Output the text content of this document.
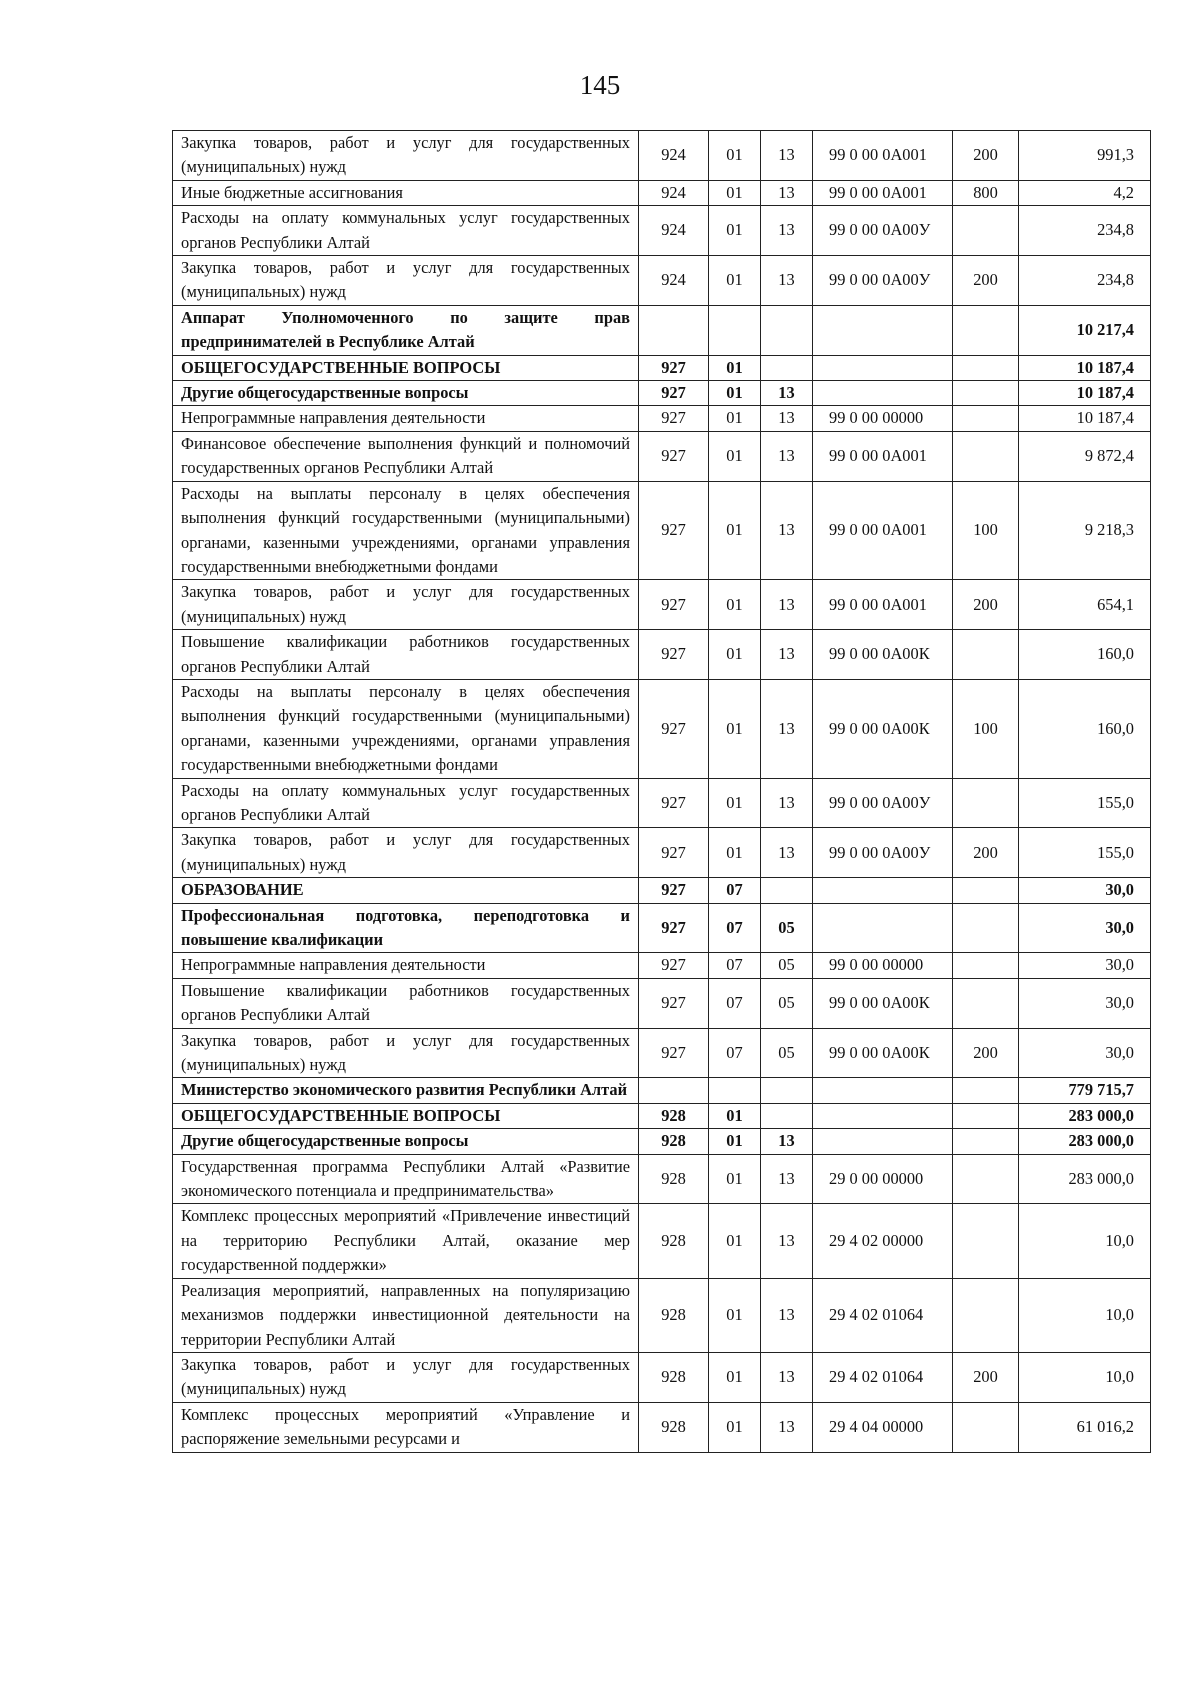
145
Закупка товаров, работ и услуг для государственных (муниципальных) нужд	924	01	13	99 0 00 0А001	200	991,3
Иные бюджетные ассигнования	924	01	13	99 0 00 0А001	800	4,2
Расходы на оплату коммунальных услуг государственных органов Республики Алтай	924	01	13	99 0 00 0А00У		234,8
Закупка товаров, работ и услуг для государственных (муниципальных) нужд	924	01	13	99 0 00 0А00У	200	234,8
Аппарат Уполномоченного по защите прав предпринимателей в Республике Алтай						10 217,4
ОБЩЕГОСУДАРСТВЕННЫЕ ВОПРОСЫ	927	01				10 187,4
Другие общегосударственные вопросы	927	01	13			10 187,4
Непрограммные направления деятельности	927	01	13	99 0 00 00000		10 187,4
Финансовое обеспечение выполнения функций и полномочий государственных органов Республики Алтай	927	01	13	99 0 00 0А001		9 872,4
Расходы на выплаты персоналу в целях обеспечения выполнения функций государственными (муниципальными) органами, казенными учреждениями, органами управления государственными внебюджетными фондами	927	01	13	99 0 00 0А001	100	9 218,3
Закупка товаров, работ и услуг для государственных (муниципальных) нужд	927	01	13	99 0 00 0А001	200	654,1
Повышение квалификации работников государственных органов Республики Алтай	927	01	13	99 0 00 0А00К		160,0
Расходы на выплаты персоналу в целях обеспечения выполнения функций государственными (муниципальными) органами, казенными учреждениями, органами управления государственными внебюджетными фондами	927	01	13	99 0 00 0А00К	100	160,0
Расходы на оплату коммунальных услуг государственных органов Республики Алтай	927	01	13	99 0 00 0А00У		155,0
Закупка товаров, работ и услуг для государственных (муниципальных) нужд	927	01	13	99 0 00 0А00У	200	155,0
ОБРАЗОВАНИЕ	927	07				30,0
Профессиональная подготовка, переподготовка и повышение квалификации	927	07	05			30,0
Непрограммные направления деятельности	927	07	05	99 0 00 00000		30,0
Повышение квалификации работников государственных органов Республики Алтай	927	07	05	99 0 00 0А00К		30,0
Закупка товаров, работ и услуг для государственных (муниципальных) нужд	927	07	05	99 0 00 0А00К	200	30,0
Министерство экономического развития Республики Алтай						779 715,7
ОБЩЕГОСУДАРСТВЕННЫЕ ВОПРОСЫ	928	01				283 000,0
Другие общегосударственные вопросы	928	01	13			283 000,0
Государственная программа Республики Алтай «Развитие экономического потенциала и предпринимательства»	928	01	13	29 0 00 00000		283 000,0
Комплекс процессных мероприятий «Привлечение инвестиций на территорию Республики Алтай, оказание мер государственной поддержки»	928	01	13	29 4 02 00000		10,0
Реализация мероприятий, направленных на популяризацию механизмов поддержки инвестиционной деятельности на территории Республики Алтай	928	01	13	29 4 02 01064		10,0
Закупка товаров, работ и услуг для государственных (муниципальных) нужд	928	01	13	29 4 02 01064	200	10,0
Комплекс процессных мероприятий «Управление и распоряжение земельными ресурсами и	928	01	13	29 4 04 00000		61 016,2
